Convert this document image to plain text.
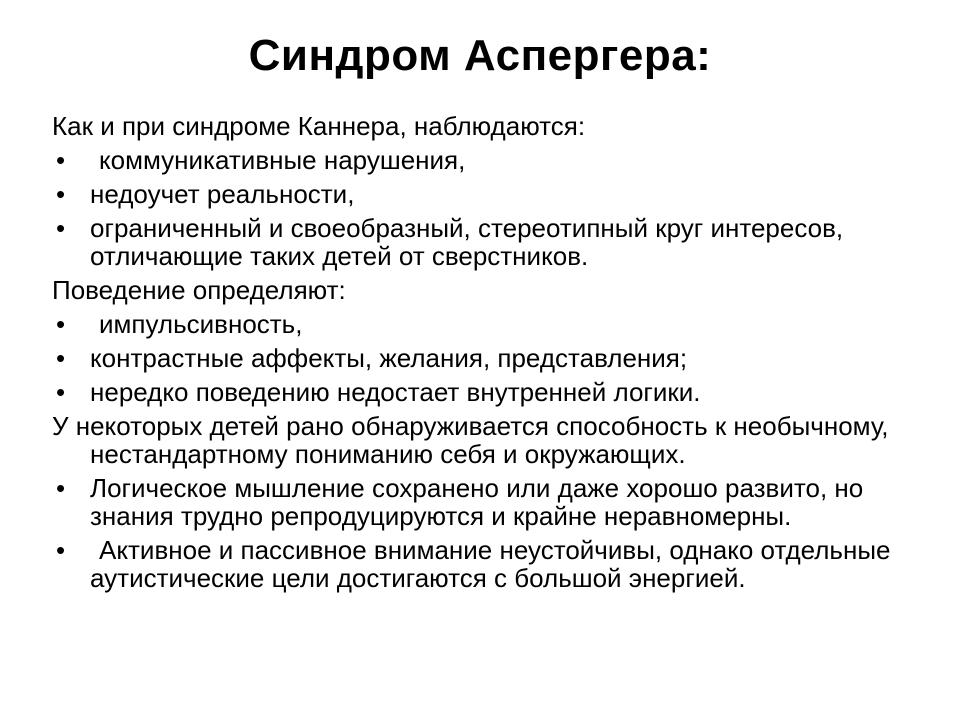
Синдром Аспергера:

Как и при синдроме Каннера, наблюдаются:

•	коммуникативные нарушения,
• недоучет реальности,
• ограниченный и своеобразный, стереотипный круг интересов, отличающие таких детей от сверстников.

Поведение определяют:

•	импульсивность,
• контрастные аффекты, желания, представления;
• нередко поведению недостает внутренней логики.

У некоторых детей рано обнаруживается способность к необычному, нестандартному пониманию себя и окружающих.

• Логическое мышление сохранено или даже хорошо развито, но знания трудно репродуцируются и крайне неравномерны.
•	Активное и пассивное внимание неустойчивы, однако отдельные аутистические цели достигаются с большой энергией.
